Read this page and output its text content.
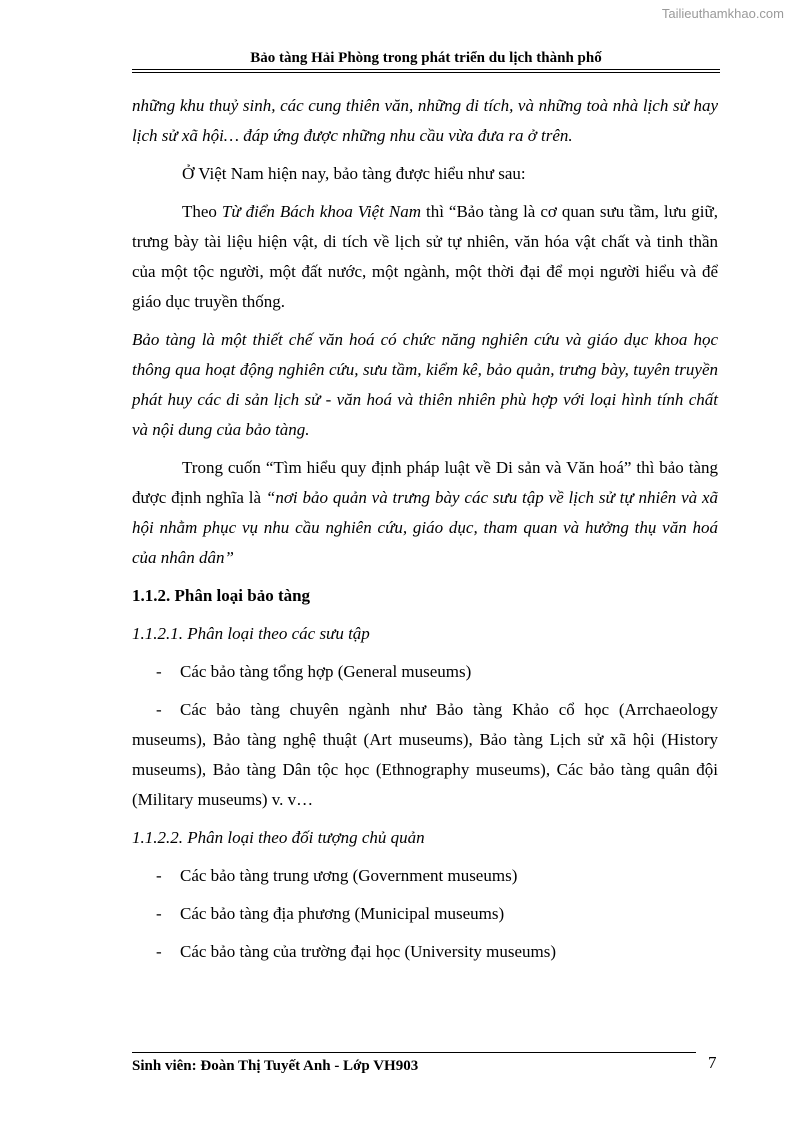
Tailieuthamkhao.com
Bảo tàng Hải Phòng trong phát triển du lịch thành phố

những khu thuỷ sinh, các cung thiên văn, những di tích, và những toà nhà lịch sử hay lịch sử xã hội… đáp ứng được những nhu cầu vừa đưa ra ở trên.

Ở Việt Nam hiện nay, bảo tàng được hiểu như sau:

Theo Từ điển Bách khoa Việt Nam thì “Bảo tàng là cơ quan sưu tầm, lưu giữ, trưng bày tài liệu hiện vật, di tích về lịch sử tự nhiên, văn hóa vật chất và tinh thần của một tộc người, một đất nước, một ngành, một thời đại để mọi người hiểu và để giáo dục truyền thống.

Bảo tàng là một thiết chế văn hoá có chức năng nghiên cứu và giáo dục khoa học thông qua hoạt động nghiên cứu, sưu tầm, kiểm kê, bảo quản, trưng bày, tuyên truyền phát huy các di sản lịch sử - văn hoá và thiên nhiên phù hợp với loại hình tính chất và nội dung của bảo tàng.

Trong cuốn “Tìm hiểu quy định pháp luật về Di sản và Văn hoá” thì bảo tàng được định nghĩa là “nơi bảo quản và trưng bày các sưu tập về lịch sử tự nhiên và xã hội nhằm phục vụ nhu cầu nghiên cứu, giáo dục, tham quan và hưởng thụ văn hoá của nhân dân”

1.1.2. Phân loại bảo tàng
1.1.2.1. Phân loại theo các sưu tập

- Các bảo tàng tổng hợp (General museums)

- Các bảo tàng chuyên ngành như Bảo tàng Khảo cổ học (Arrchaeology museums), Bảo tàng nghệ thuật (Art museums), Bảo tàng Lịch sử xã hội (History museums), Bảo tàng Dân tộc học (Ethnography museums), Các bảo tàng quân đội (Military museums) v. v…

1.1.2.2. Phân loại theo đối tượng chủ quản

- Các bảo tàng trung ương (Government museums)

- Các bảo tàng địa phương (Municipal museums)

- Các bảo tàng của trường đại học (University museums)

Sinh viên: Đoàn Thị Tuyết Anh - Lớp VH903	7
